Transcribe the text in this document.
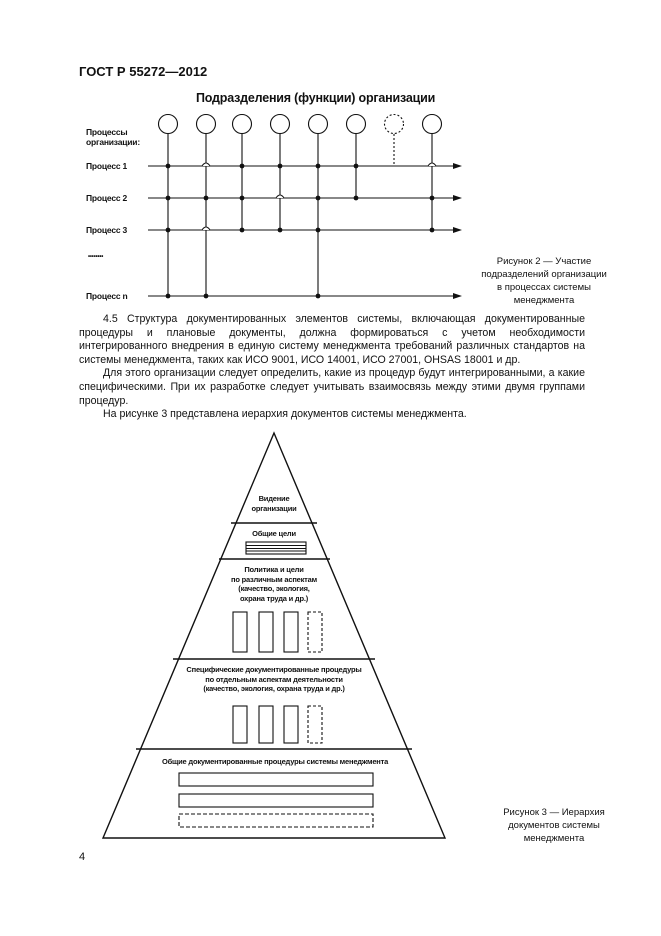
ГОСТ Р 55272—2012
Подразделения (функции) организации
Процессы
организации:
Процесс 1
Процесс 2
Процесс 3
••••••••
Процесс n
Рисунок 2 — Участие
подразделений организации
в процессах системы
менеджмента

4.5 Структура документированных элементов системы, включающая документированные процедуры и плановые документы, должна формироваться с учетом необходимости интегрированного внедрения в единую систему менеджмента требований различных стандартов на системы менеджмента, таких как ИСО 9001, ИСО 14001, ИСО 27001, OHSAS 18001 и др.

Для этого организации следует определить, какие из процедур будут интегрированными, а какие специфическими. При их разработке следует учитывать взаимосвязь между этими двумя группами процедур.

На рисунке 3 представлена иерархия документов системы менеджмента.

Видение
организации
Общие цели
Политика и цели
по различным аспектам
(качество, экология,
охрана труда и др.)
Специфические документированные процедуры
по отдельным аспектам деятельности
(качество, экология, охрана труда и др.)
Общие документированные процедуры системы менеджмента
Рисунок 3 — Иерархия
документов системы
менеджмента
4
